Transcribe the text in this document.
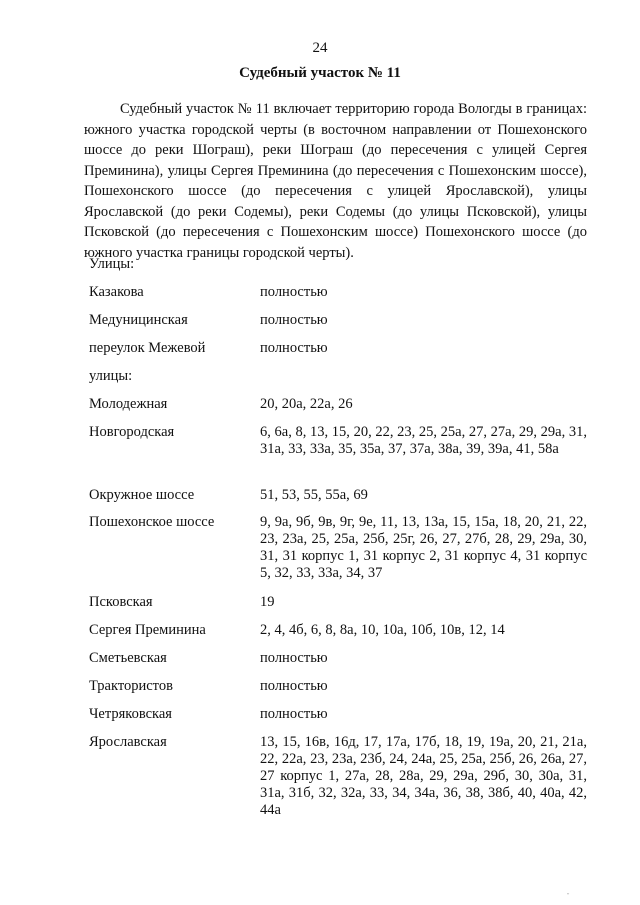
24
Судебный участок № 11

Судебный участок № 11 включает территорию города Вологды в границах: южного участка городской черты (в восточном направлении от Пошехонского шоссе до реки Шограш), реки Шограш (до пересечения с улицей Сергея Преминина), улицы Сергея Преминина (до пересечения с Пошехонским шоссе), Пошехонского шоссе (до пересечения с улицей Ярославской), улицы Ярославской (до реки Содемы), реки Содемы (до улицы Псковской), улицы Псковской (до пересечения с Пошехонским шоссе) Пошехонского шоссе (до южного участка границы городской черты).

Улицы:
Казакова	полностью
Медуницинская	полностью
переулок Межевой	полностью
улицы:
Молодежная	20, 20а, 22а, 26
Новгородская	6, 6а, 8, 13, 15, 20, 22, 23, 25, 25а, 27, 27а, 29, 29а, 31, 31а, 33, 33а, 35, 35а, 37, 37а, 38а, 39, 39а, 41, 58а
Окружное шоссе	51, 53, 55, 55а, 69
Пошехонское шоссе	9, 9а, 9б, 9в, 9г, 9е, 11, 13, 13а, 15, 15а, 18, 20, 21, 22, 23, 23а, 25, 25а, 25б, 25г, 26, 27, 27б, 28, 29, 29а, 30, 31, 31 корпус 1, 31 корпус 2, 31 корпус 4, 31 корпус 5, 32, 33, 33а, 34, 37
Псковская	19
Сергея Преминина	2, 4, 4б, 6, 8, 8а, 10, 10а, 10б, 10в, 12, 14
Сметьевская	полностью
Трактористов	полностью
Четряковская	полностью
Ярославская	13, 15, 16в, 16д, 17, 17а, 17б, 18, 19, 19а, 20, 21, 21а, 22, 22а, 23, 23а, 23б, 24, 24а, 25, 25а, 25б, 26, 26а, 27, 27 корпус 1, 27а, 28, 28а, 29, 29а, 29б, 30, 30а, 31, 31а, 31б, 32, 32а, 33, 34, 34а, 36, 38, 38б, 40, 40а, 42, 44а
"
